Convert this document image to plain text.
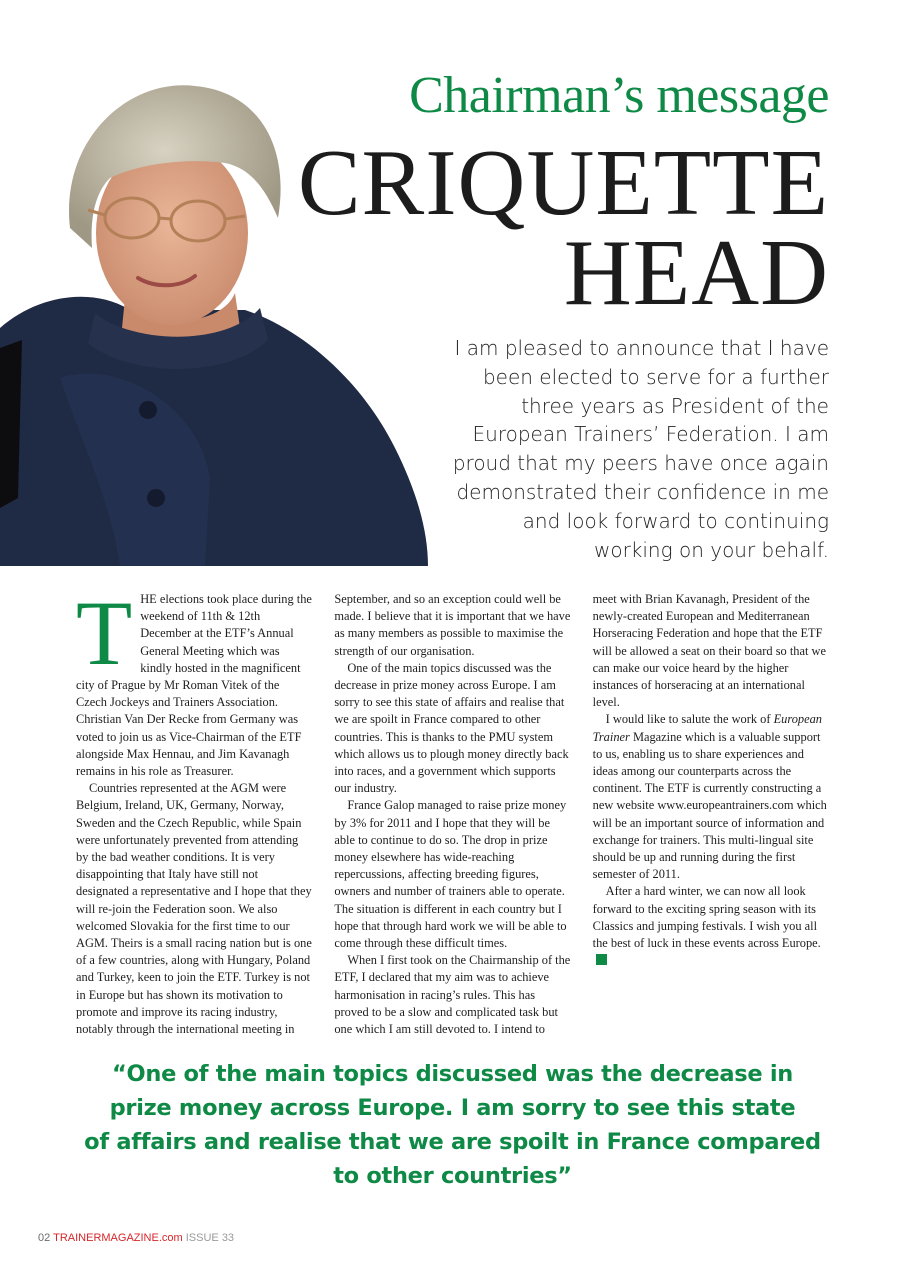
Chairman’s message
CRIQUETTE
HEAD

I am pleased to announce that I have
been elected to serve for a further
three years as President of the
European Trainers’ Federation. I am
proud that my peers have once again
demonstrated their confidence in me
and look forward to continuing
working on your behalf.

THE elections took place during the weekend of 11th & 12th December at the ETF’s Annual General Meeting which was kindly hosted in the magnificent city of Prague by Mr Roman Vitek of the Czech Jockeys and Trainers Association. Christian Van Der Recke from Germany was voted to join us as Vice-Chairman of the ETF alongside Max Hennau, and Jim Kavanagh remains in his role as Treasurer.

Countries represented at the AGM were Belgium, Ireland, UK, Germany, Norway, Sweden and the Czech Republic, while Spain were unfortunately prevented from attending by the bad weather conditions. It is very disappointing that Italy have still not designated a representative and I hope that they will re-join the Federation soon. We also welcomed Slovakia for the first time to our AGM. Theirs is a small racing nation but is one of a few countries, along with Hungary, Poland and Turkey, keen to join the ETF. Turkey is not in Europe but has shown its motivation to promote and improve its racing industry, notably through the international meeting in September, and so an exception could well be made. I believe that it is important that we have as many members as possible to maximise the strength of our organisation.

One of the main topics discussed was the decrease in prize money across Europe. I am sorry to see this state of affairs and realise that we are spoilt in France compared to other countries. This is thanks to the PMU system which allows us to plough money directly back into races, and a government which supports our industry.

France Galop managed to raise prize money by 3% for 2011 and I hope that they will be able to continue to do so. The drop in prize money elsewhere has wide-reaching repercussions, affecting breeding figures, owners and number of trainers able to operate. The situation is different in each country but I hope that through hard work we will be able to come through these difficult times.

When I first took on the Chairmanship of the ETF, I declared that my aim was to achieve harmonisation in racing’s rules. This has proved to be a slow and complicated task but one which I am still devoted to. I intend to meet with Brian Kavanagh, President of the newly-created European and Mediterranean Horseracing Federation and hope that the ETF will be allowed a seat on their board so that we can make our voice heard by the higher instances of horseracing at an international level.

I would like to salute the work of European Trainer Magazine which is a valuable support to us, enabling us to share experiences and ideas among our counterparts across the continent. The ETF is currently constructing a new website www.europeantrainers.com which will be an important source of information and exchange for trainers. This multi-lingual site should be up and running during the first semester of 2011.

After a hard winter, we can now all look forward to the exciting spring season with its Classics and jumping festivals. I wish you all the best of luck in these events across Europe.

“One of the main topics discussed was the decrease in
prize money across Europe. I am sorry to see this state
of affairs and realise that we are spoilt in France compared
to other countries”

02 TRAINERMAGAZINE.com ISSUE 33
